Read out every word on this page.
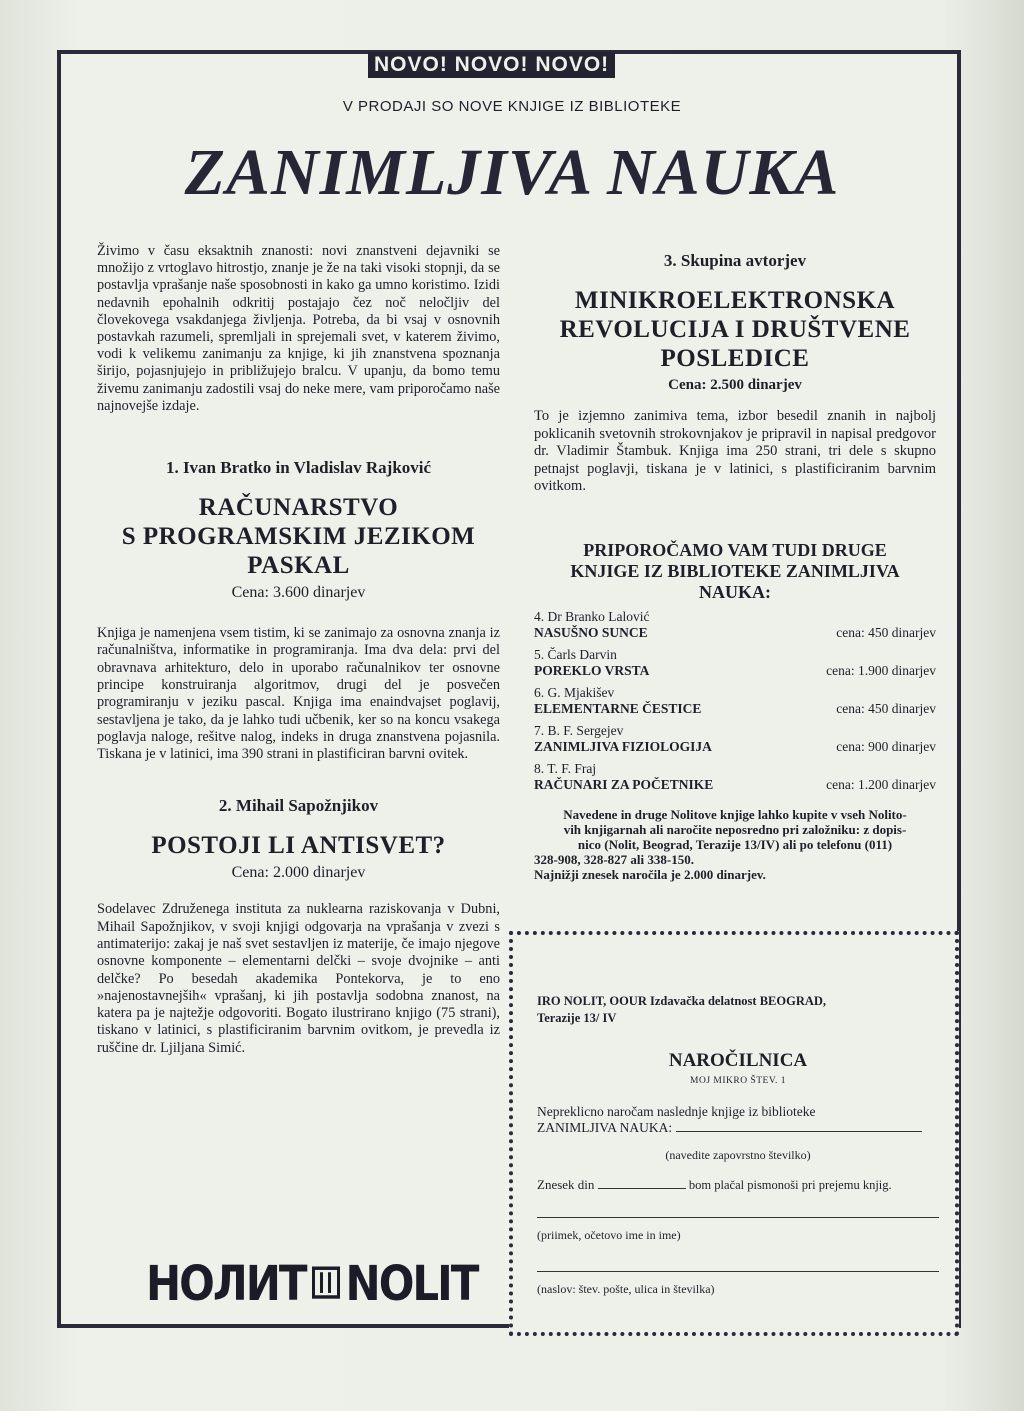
NOVO! NOVO! NOVO!
V PRODAJI SO NOVE KNJIGE IZ BIBLIOTEKE
ZANIMLJIVA NAUKA

Živimo v času eksaktnih znanosti: novi znanstveni dejavniki se množijo z vrtoglavo hitrostjo, znanje je že na taki visoki stopnji, da se postavlja vprašanje naše sposobnosti in kako ga umno koristimo. Izidi nedavnih epohalnih odkritij postajajo čez noč neločljiv del človekovega vsakdanjega življenja. Potreba, da bi vsaj v osnovnih postavkah razumeli, spremljali in sprejemali svet, v katerem živimo, vodi k velikemu zanimanju za knjige, ki jih znanstvena spoznanja širijo, pojasnjujejo in približujejo bralcu. V upanju, da bomo temu živemu zanimanju zadostili vsaj do neke mere, vam priporočamo naše najnovejše izdaje.

1. Ivan Bratko in Vladislav Rajković
RAČUNARSTVO
S PROGRAMSKIM JEZIKOM
PASKAL
Cena: 3.600 dinarjev

Knjiga je namenjena vsem tistim, ki se zanimajo za osnovna znanja iz računalništva, informatike in programiranja. Ima dva dela: prvi del obravnava arhitekturo, delo in uporabo računalnikov ter osnovne principe konstruiranja algoritmov, drugi del je posvečen programiranju v jeziku pascal. Knjiga ima enaindvajset poglavij, sestavljena je tako, da je lahko tudi učbenik, ker so na koncu vsakega poglavja naloge, rešitve nalog, indeks in druga znanstvena pojasnila. Tiskana je v latinici, ima 390 strani in plastificiran barvni ovitek.

2. Mihail Sapožnjikov
POSTOJI LI ANTISVET?
Cena: 2.000 dinarjev

Sodelavec Združenega instituta za nuklearna raziskovanja v Dubni, Mihail Sapožnjikov, v svoji knjigi odgovarja na vprašanja v zvezi s antimaterijo: zakaj je naš svet sestavljen iz materije, če imajo njegove osnovne komponente – elementarni delčki – svoje dvojnike – anti delčke? Po besedah akademika Pontekorva, je to eno »najenostavnejših« vprašanj, ki jih postavlja sodobna znanost, na katera pa je najtežje odgovoriti. Bogato ilustrirano knjigo (75 strani), tiskano v latinici, s plastificiranim barvnim ovitkom, je prevedla iz ruščine dr. Ljiljana Simić.

3. Skupina avtorjev
MINIKROELEKTRONSKA
REVOLUCIJA I DRUŠTVENE
POSLEDICE
Cena: 2.500 dinarjev

To je izjemno zanimiva tema, izbor besedil znanih in najbolj poklicanih svetovnih strokovnjakov je pripravil in napisal predgovor dr. Vladimir Štambuk. Knjiga ima 250 strani, tri dele s skupno petnajst poglavji, tiskana je v latinici, s plastificiranim barvnim ovitkom.

PRIPOROČAMO VAM TUDI DRUGE
KNJIGE IZ BIBLIOTEKE ZANIMLJIVA
NAUKA:
4. Dr Branko Lalović
NASUŠNO SUNCE	cena: 450 dinarjev
5. Čarls Darvin
POREKLO VRSTA	cena: 1.900 dinarjev
6. G. Mjakišev
ELEMENTARNE ČESTICE	cena: 450 dinarjev
7. B. F. Sergejev
ZANIMLJIVA FIZIOLOGIJA	cena: 900 dinarjev
8. T. F. Fraj
RAČUNARI ZA POČETNIKE	cena: 1.200 dinarjev
Navedene in druge Nolitove knjige lahko kupite v vseh Nolito-
vih knjigarnah ali naročite neposredno pri založniku: z dopis-
nico (Nolit, Beograd, Terazije 13/IV) ali po telefonu (011)
328-908, 328-827 ali 338-150.
Najnižji znesek naročila je 2.000 dinarjev.
IRO NOLIT, OOUR Izdavačka delatnost BEOGRAD,
Terazije 13/ IV
NAROČILNICA
MOJ MIKRO ŠTEV. 1
Nepreklicno naročam naslednje knjige iz biblioteke
ZANIMLJIVA NAUKA:
(navedite zapovrstno številko)
Znesek din	bom plačal pismonoši pri prejemu knjig.
(priimek, očetovo ime in ime)
(naslov: štev. pošte, ulica in številka)
НОЛИТ NOLIT
